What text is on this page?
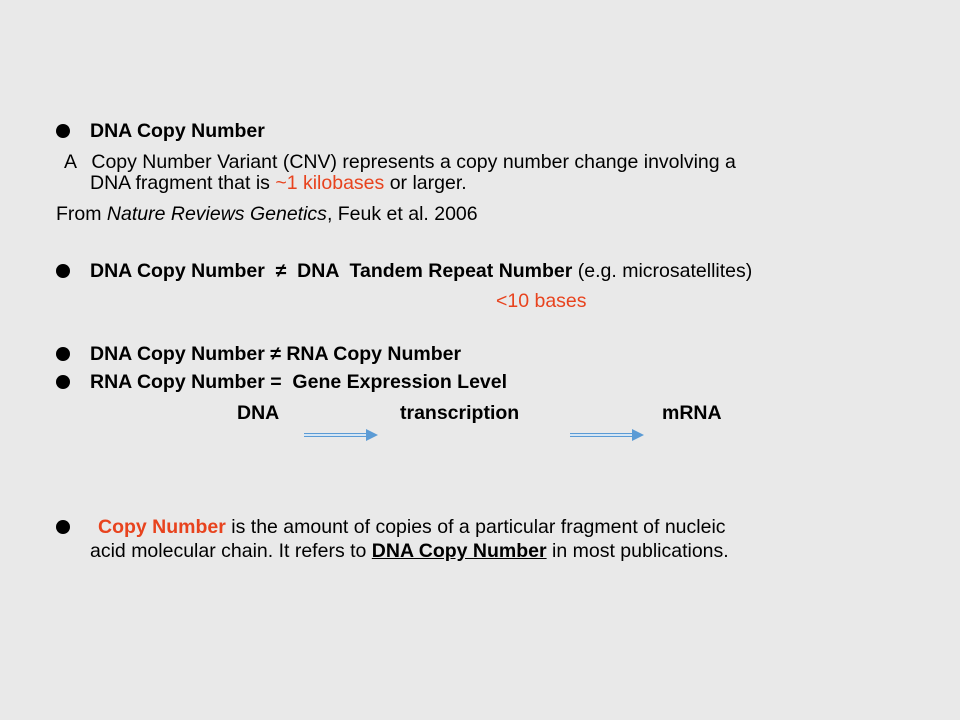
DNA Copy Number
A Copy Number Variant (CNV) represents a copy number change involving a
DNA fragment that is ~1 kilobases or larger.
From Nature Reviews Genetics, Feuk et al. 2006
DNA Copy Number  ≠  DNA  Tandem Repeat Number (e.g. microsatellites)
<10 bases
DNA Copy Number ≠ RNA Copy Number
RNA Copy Number =  Gene Expression Level
DNA	transcription	mRNA
Copy Number is the amount of copies of a particular fragment of nucleic
acid molecular chain. It refers to DNA Copy Number in most publications.
